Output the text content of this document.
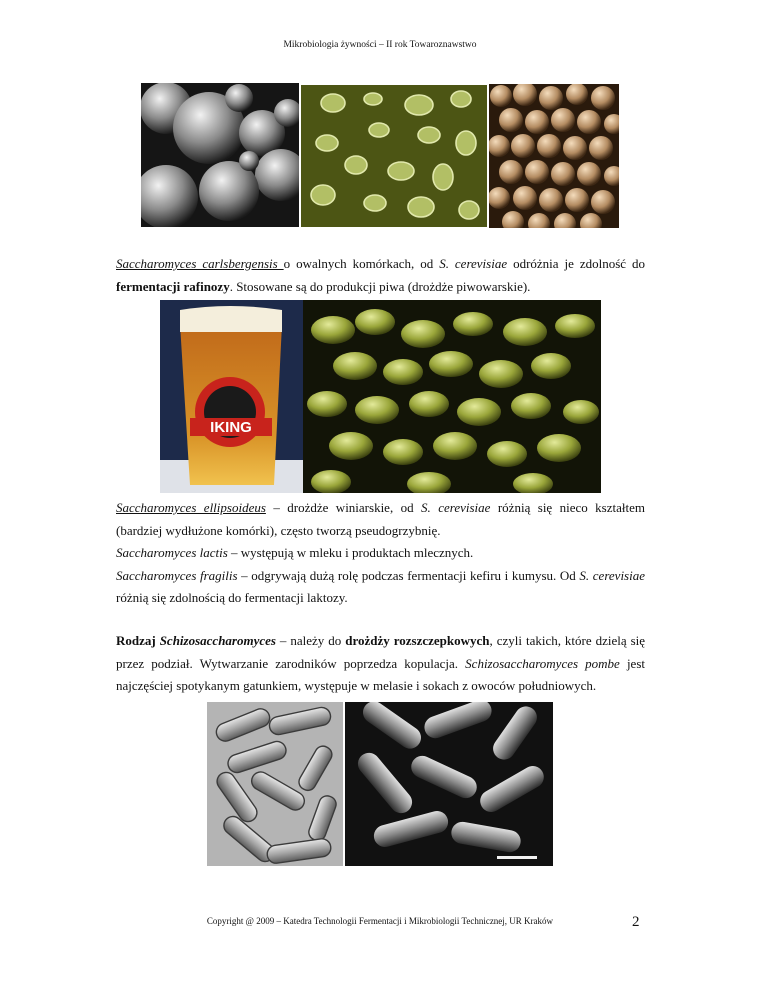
Mikrobiologia żywności – II rok Towaroznawstwo

Saccharomyces carlsbergensis o owalnych komórkach, od S. cerevisiae odróżnia je zdolność do fermentacji rafinozy. Stosowane są do produkcji piwa (drożdże piwowarskie).

IKING

Saccharomyces ellipsoideus – drożdże winiarskie, od S. cerevisiae różnią się nieco kształtem (bardziej wydłużone komórki), często tworzą pseudogrzybnię.

Saccharomyces lactis – występują w mleku i produktach mlecznych.

Saccharomyces fragilis – odgrywają dużą rolę podczas fermentacji kefiru i kumysu. Od S. cerevisiae różnią się zdolnością do fermentacji laktozy.

Rodzaj Schizosaccharomyces – należy do drożdży rozszczepkowych, czyli takich, które dzielą się przez podział. Wytwarzanie zarodników poprzedza kopulacja. Schizosaccharomyces pombe jest najczęściej spotykanym gatunkiem, występuje w melasie i sokach z owoców południowych.

Copyright @ 2009 – Katedra Technologii Fermentacji i Mikrobiologii Technicznej, UR Kraków	2
